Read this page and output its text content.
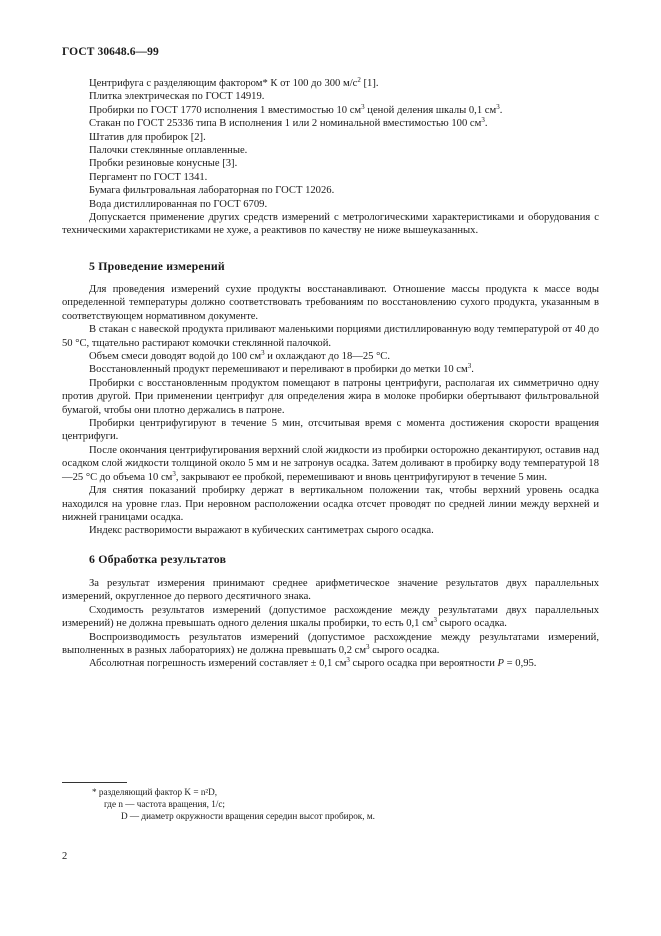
ГОСТ 30648.6—99
Центрифуга с разделяющим фактором* К от 100 до 300 $м/с^2$ [1].
Плитка электрическая по ГОСТ 14919.
Пробирки по ГОСТ 1770 исполнения 1 вместимостью 10 $см^3$ ценой деления шкалы 0,1 $см^3$.
Стакан по ГОСТ 25336 типа В исполнения 1 или 2 номинальной вместимостью 100 $см^3$.
Штатив для пробирок [2].
Палочки стеклянные оплавленные.
Пробки резиновые конусные [3].
Пергамент по ГОСТ 1341.
Бумага фильтровальная лабораторная по ГОСТ 12026.
Вода дистиллированная по ГОСТ 6709.

Допускается применение других средств измерений с метрологическими характеристиками и оборудования с техническими характеристиками не хуже, а реактивов по качеству не ниже вышеуказанных.

5 Проведение измерений

Для проведения измерений сухие продукты восстанавливают. Отношение массы продукта к массе воды определенной температуры должно соответствовать требованиям по восстановлению сухого продукта, указанным в соответствующем нормативном документе.

В стакан с навеской продукта приливают маленькими порциями дистиллированную воду температурой от 40 до 50 °С, тщательно растирают комочки стеклянной палочкой.

Объем смеси доводят водой до 100 $см^3$ и охлаждают до 18—25 °С.

Восстановленный продукт перемешивают и переливают в пробирки до метки 10 $см^3$.

Пробирки с восстановленным продуктом помещают в патроны центрифуги, располагая их симметрично одну против другой. При применении центрифуг для определения жира в молоке пробирки обертывают фильтровальной бумагой, чтобы они плотно держались в патроне.

Пробирки центрифугируют в течение 5 мин, отсчитывая время с момента достижения скорости вращения центрифуги.

После окончания центрифугирования верхний слой жидкости из пробирки осторожно декантируют, оставив над осадком слой жидкости толщиной около 5 мм и не затронув осадка. Затем доливают в пробирку воду температурой 18—25 °С до объема 10 $см^3$, закрывают ее пробкой, перемешивают и вновь центрифугируют в течение 5 мин.

Для снятия показаний пробирку держат в вертикальном положении так, чтобы верхний уровень осадка находился на уровне глаз. При неровном расположении осадка отсчет проводят по средней линии между верхней и нижней границами осадка.

Индекс растворимости выражают в кубических сантиметрах сырого осадка.

6 Обработка результатов

За результат измерения принимают среднее арифметическое значение результатов двух параллельных измерений, округленное до первого десятичного знака.

Сходимость результатов измерений (допустимое расхождение между результатами двух параллельных измерений) не должна превышать одного деления шкалы пробирки, то есть 0,1 $см^3$ сырого осадка.

Воспроизводимость результатов измерений (допустимое расхождение между результатами измерений, выполненных в разных лабораториях) не должна превышать 0,2 $см^3$ сырого осадка.

Абсолютная погрешность измерений составляет ± 0,1 $см^3$ сырого осадка при вероятности P = 0,95.

* разделяющий фактор K = n²D,
где n — частота вращения, 1/с;
D — диаметр окружности вращения середин высот пробирок, м.
2
